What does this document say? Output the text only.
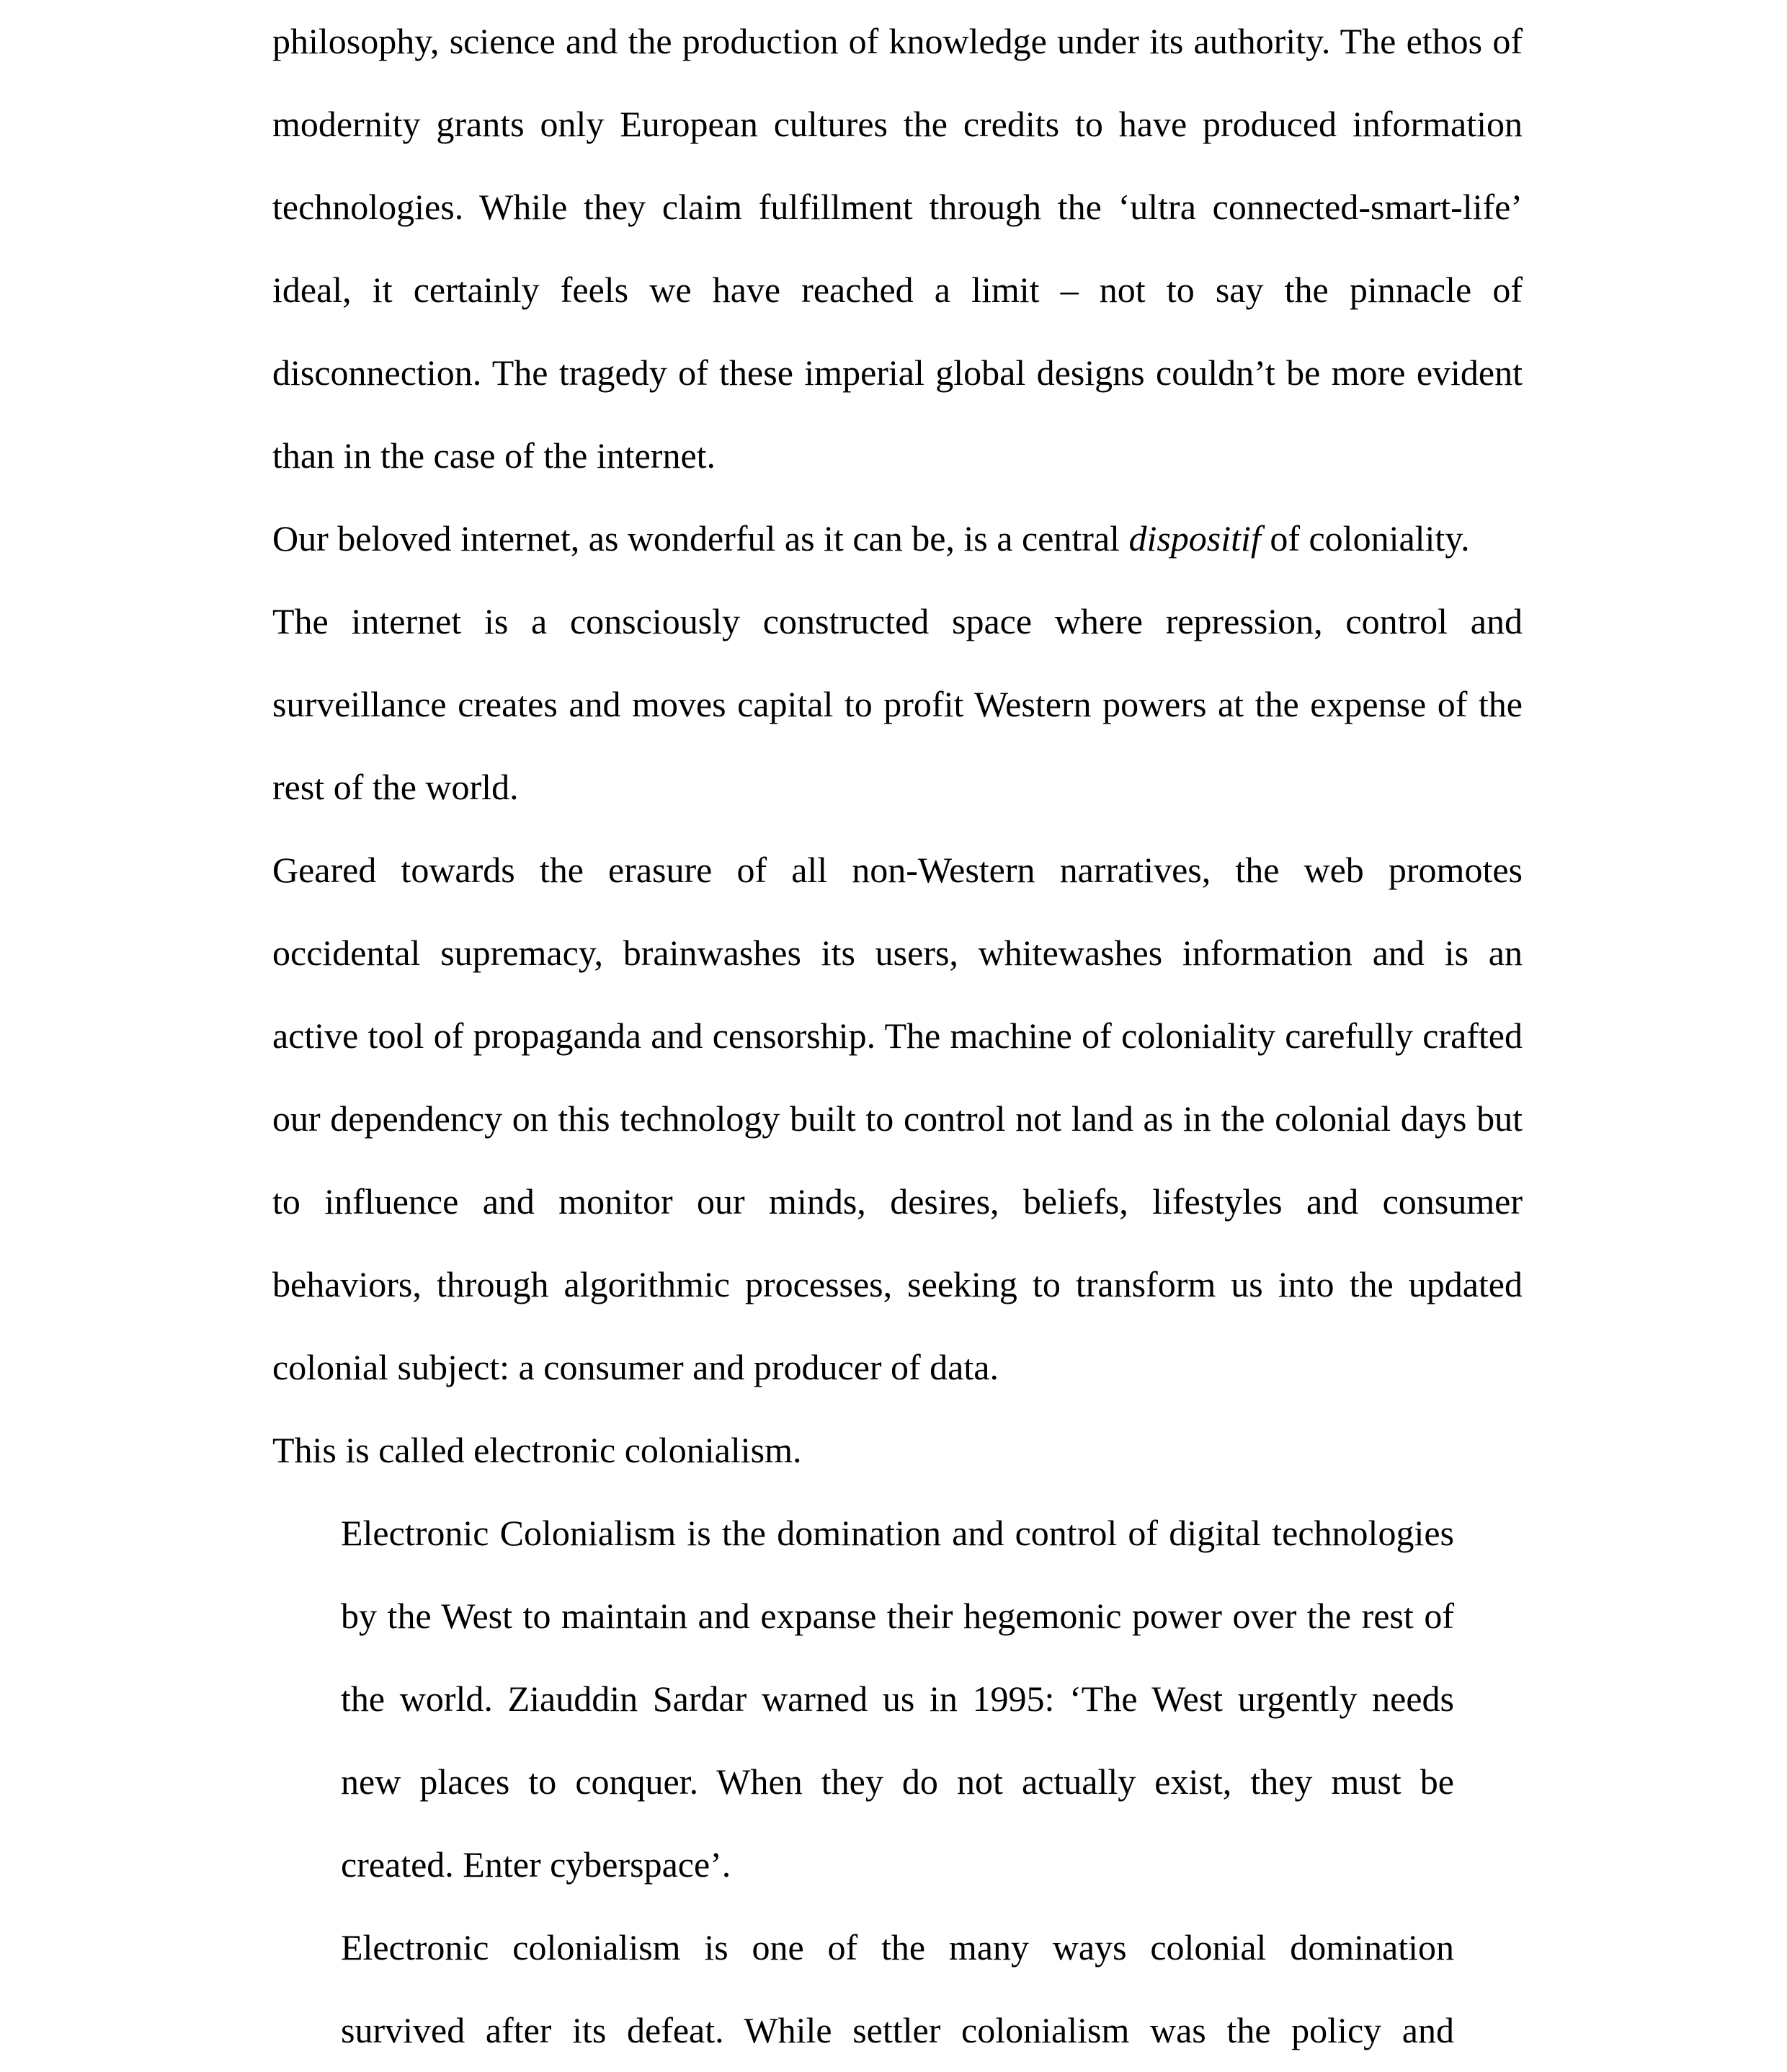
philosophy, science and the production of knowledge under its authority. The ethos of
modernity grants only European cultures the credits to have produced information
technologies. While they claim fulfillment through the ‘ultra connected-smart-life’
ideal, it certainly feels we have reached a limit – not to say the pinnacle of
disconnection. The tragedy of these imperial global designs couldn’t be more evident
than in the case of the internet.
Our beloved internet, as wonderful as it can be, is a central dispositif of coloniality.
The internet is a consciously constructed space where repression, control and
surveillance creates and moves capital to profit Western powers at the expense of the
rest of the world.
Geared towards the erasure of all non-Western narratives, the web promotes
occidental supremacy, brainwashes its users, whitewashes information and is an
active tool of propaganda and censorship. The machine of coloniality carefully crafted
our dependency on this technology built to control not land as in the colonial days but
to influence and monitor our minds, desires, beliefs, lifestyles and consumer
behaviors, through algorithmic processes, seeking to transform us into the updated
colonial subject: a consumer and producer of data.
This is called electronic colonialism.
Electronic Colonialism is the domination and control of digital technologies
by the West to maintain and expanse their hegemonic power over the rest of
the world. Ziauddin Sardar warned us in 1995: ‘The West urgently needs
new places to conquer. When they do not actually exist, they must be
created. Enter cyberspace’.
Electronic colonialism is one of the many ways colonial domination
survived after its defeat. While settler colonialism was the policy and
